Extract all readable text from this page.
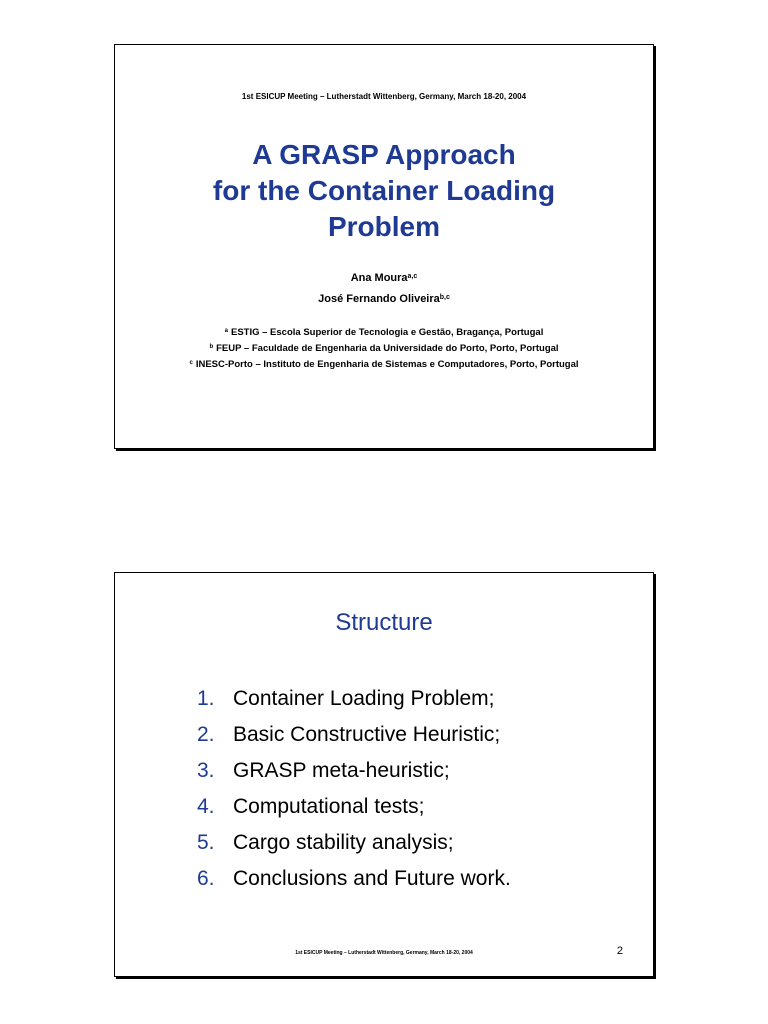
1st ESICUP Meeting – Lutherstadt Wittenberg, Germany, March 18-20, 2004
A GRASP Approach
for the Container Loading
Problem
Ana Moura$^{a,c}$
José Fernando Oliveira$^{b,c}$
$^a$ ESTIG – Escola Superior de Tecnologia e Gestão, Bragança, Portugal
$^b$ FEUP – Faculdade de Engenharia da Universidade do Porto, Porto, Portugal
$^c$ INESC-Porto – Instituto de Engenharia de Sistemas e Computadores, Porto, Portugal
Structure
1. Container Loading Problem;
2. Basic Constructive Heuristic;
3. GRASP meta-heuristic;
4. Computational tests;
5. Cargo stability analysis;
6. Conclusions and Future work.
1st ESICUP Meeting – Lutherstadt Wittenberg, Germany, March 18-20, 2004	2
